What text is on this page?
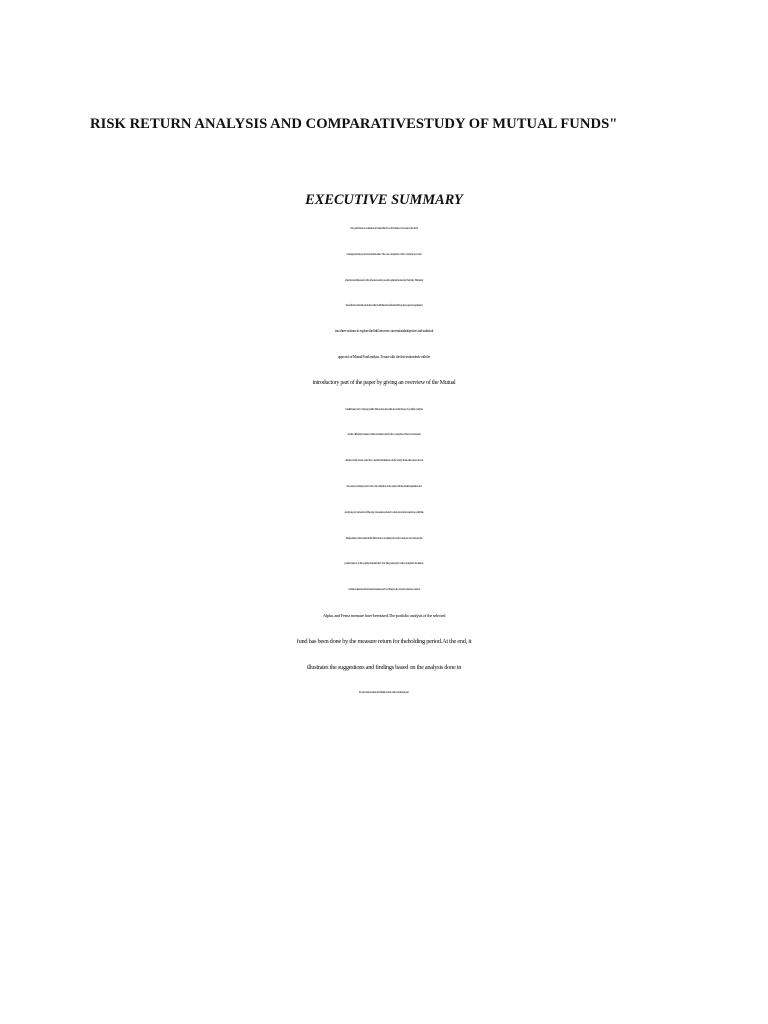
RISK RETURN ANALYSIS AND COMPARATIVESTUDY OF MUTUAL FUNDS"
EXECUTIVE SUMMARY
The performance evaluation of mutual fund is a vital matter of concern to the fund
managers,investors, and researchers alike. The core competence of the company is to meet
objectivesand the needs of the investors and to provide optimum return for their risk. This study
tries tofind out the risk and return allied with the mutual funds.This project paper is segmented
into three sections to explore the link between conventionalsubjective and statistical
approach of Mutual Fund analysis. To start with, the first sectiondeals with the
introductory part of the paper by giving an overview of the Mutual
fundindustry and company profile.This section also talks about the theory of portfolio analysis
and the different measures of risk and return used for the comparison.The second section
details on the need, objective, and the limitations of the study. It alsodiscusses about
the sources and the period for the data collection. It also deals with the datainterpretation and
analysis part wherein all the key measures related to risk and return aredone with the
interpretation of the results.In the third section, an attempt is made to analyse and compare the
performance of the equitymutual fund. For this purpose β-value, standard deviation,
and risk adjusted performancemeasures such as Sharpe ratio, Treynor measure, Jenson
Alpha, and Fema measure have beenused.The portfolio analysis of the selected
fund has been done by the measure return for theholding period.At the end, it
illustrates the suggestions and findings based on the analysis done in
the previous sections and finally it deals with conclusion part.
